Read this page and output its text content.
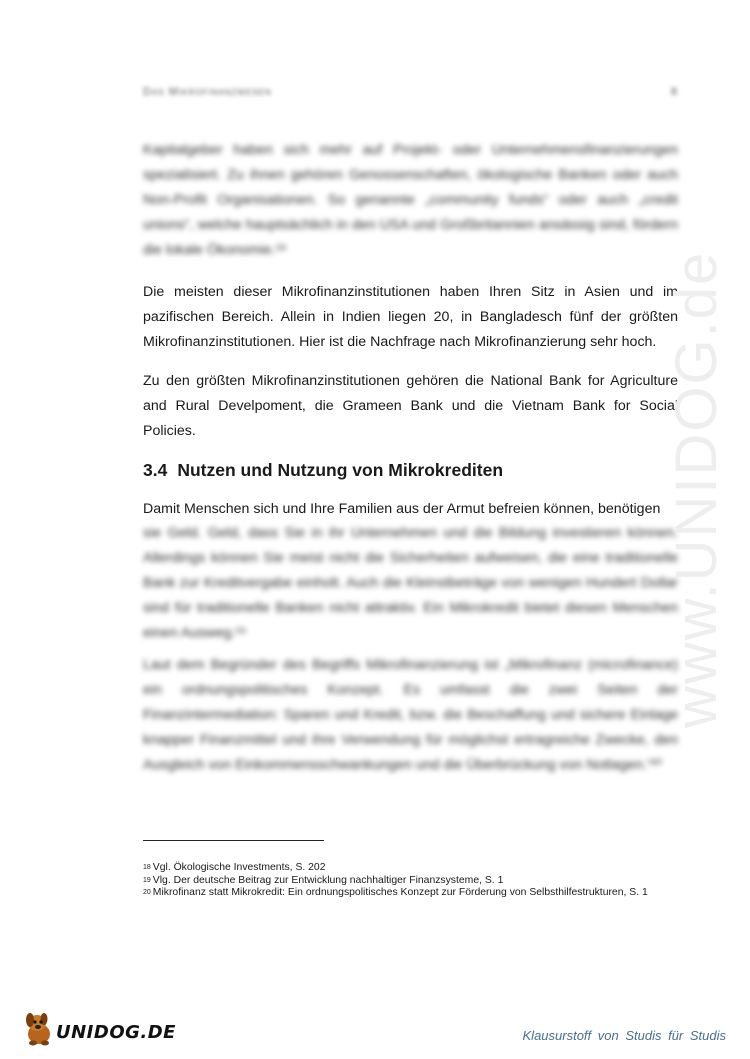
Das Mikrofinanzwesen	8

Kapitalgeber haben sich mehr auf Projekt- oder Unternehmensfinanzierungen spezialisiert. Zu ihnen gehören Genossenschaften, ökologische Banken oder auch Non-Profit Organisationen. So genannte „community funds“ oder auch „credit unions“, welche hauptsächlich in den USA und Großbritannien ansässig sind, fördern die lokale Ökonomie.¹⁸

Die meisten dieser Mikrofinanzinstitutionen haben Ihren Sitz in Asien und im pazifischen Bereich. Allein in Indien liegen 20, in Bangladesch fünf der größten Mikrofinanzinstitutionen. Hier ist die Nachfrage nach Mikrofinanzierung sehr hoch.

Zu den größten Mikrofinanzinstitutionen gehören die National Bank for Agriculture and Rural Develpoment, die Grameen Bank und die Vietnam Bank for Social Policies.

3.4 Nutzen und Nutzung von Mikrokrediten

Damit Menschen sich und Ihre Familien aus der Armut befreien können, benötigen

sie Geld. Geld, dass Sie in ihr Unternehmen und die Bildung investieren können. Allerdings können Sie meist nicht die Sicherheiten aufweisen, die eine traditionelle Bank zur Kreditvergabe einholt. Auch die Kleinstbeträge von wenigen Hundert Dollar sind für traditionelle Banken nicht attraktiv. Ein Mikrokredit bietet diesen Menschen einen Ausweg.¹⁹

Laut dem Begründer des Begriffs Mikrofinanzierung ist „Mikrofinanz (microfinance) ein ordnungspolitisches Konzept. Es umfasst die zwei Seiten der Finanzintermediation: Sparen und Kredit, bzw. die Beschaffung und sichere Einlage knapper Finanzmittel und ihre Verwendung für möglichst ertragreiche Zwecke, den Ausgleich von Einkommensschwankungen und die Überbrückung von Notlagen.“²⁰

$^{18}$ Vgl. Ökologische Investments, S. 202
$^{19}$ Vlg. Der deutsche Beitrag zur Entwicklung nachhaltiger Finanzsysteme, S. 1
$^{20}$ Mikrofinanz statt Mikrokredit: Ein ordnungspolitisches Konzept zur Förderung von Selbsthilfestrukturen, S. 1
www.UNIDOG.de
UNIDOG.DE	Klausurstoff von Studis für Studis
